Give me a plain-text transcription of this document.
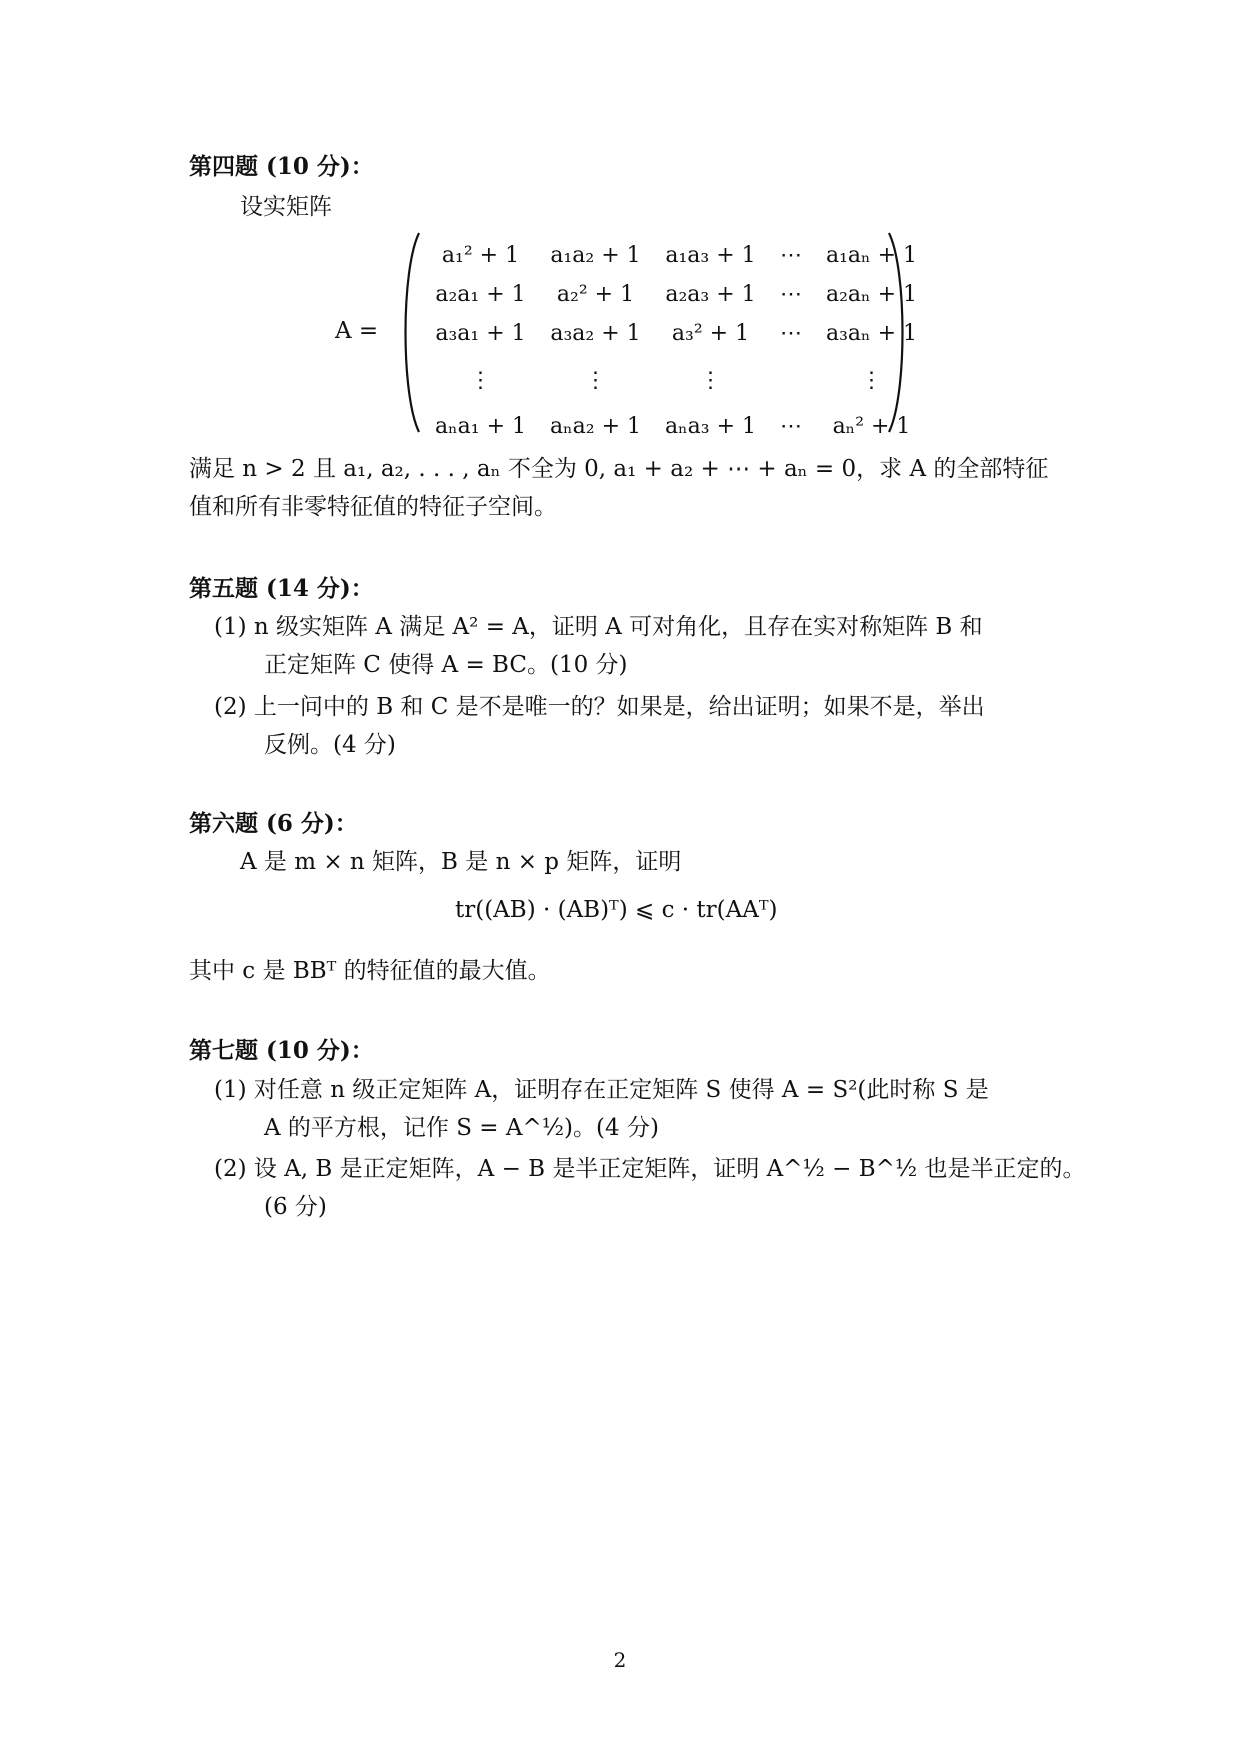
第四题 (10 分)：
设实矩阵
A =
a₁² + 1	a₁a₂ + 1	a₁a₃ + 1	⋯	a₁aₙ + 1
a₂a₁ + 1	a₂² + 1	a₂a₃ + 1	⋯	a₂aₙ + 1
a₃a₁ + 1	a₃a₂ + 1	a₃² + 1	⋯	a₃aₙ + 1
⋮	⋮	⋮		⋮
aₙa₁ + 1	aₙa₂ + 1	aₙa₃ + 1	⋯	aₙ² + 1
满足 n > 2 且 a₁, a₂, . . . , aₙ 不全为 0, a₁ + a₂ + ⋯ + aₙ = 0，求 A 的全部特征
值和所有非零特征值的特征子空间。
第五题 (14 分)：
(1) n 级实矩阵 A 满足 A² = A，证明 A 可对角化，且存在实对称矩阵 B 和
正定矩阵 C 使得 A = BC。(10 分)
(2) 上一问中的 B 和 C 是不是唯一的？如果是，给出证明；如果不是，举出
反例。(4 分)
第六题 (6 分)：
A 是 m × n 矩阵，B 是 n × p 矩阵，证明
tr((AB) · (AB)ᵀ) ⩽ c · tr(AAᵀ)
其中 c 是 BBᵀ 的特征值的最大值。
第七题 (10 分)：
(1) 对任意 n 级正定矩阵 A，证明存在正定矩阵 S 使得 A = S²(此时称 S 是
A 的平方根，记作 S = A^½)。(4 分)
(2) 设 A, B 是正定矩阵，A − B 是半正定矩阵，证明 A^½ − B^½ 也是半正定的。
(6 分)
2
